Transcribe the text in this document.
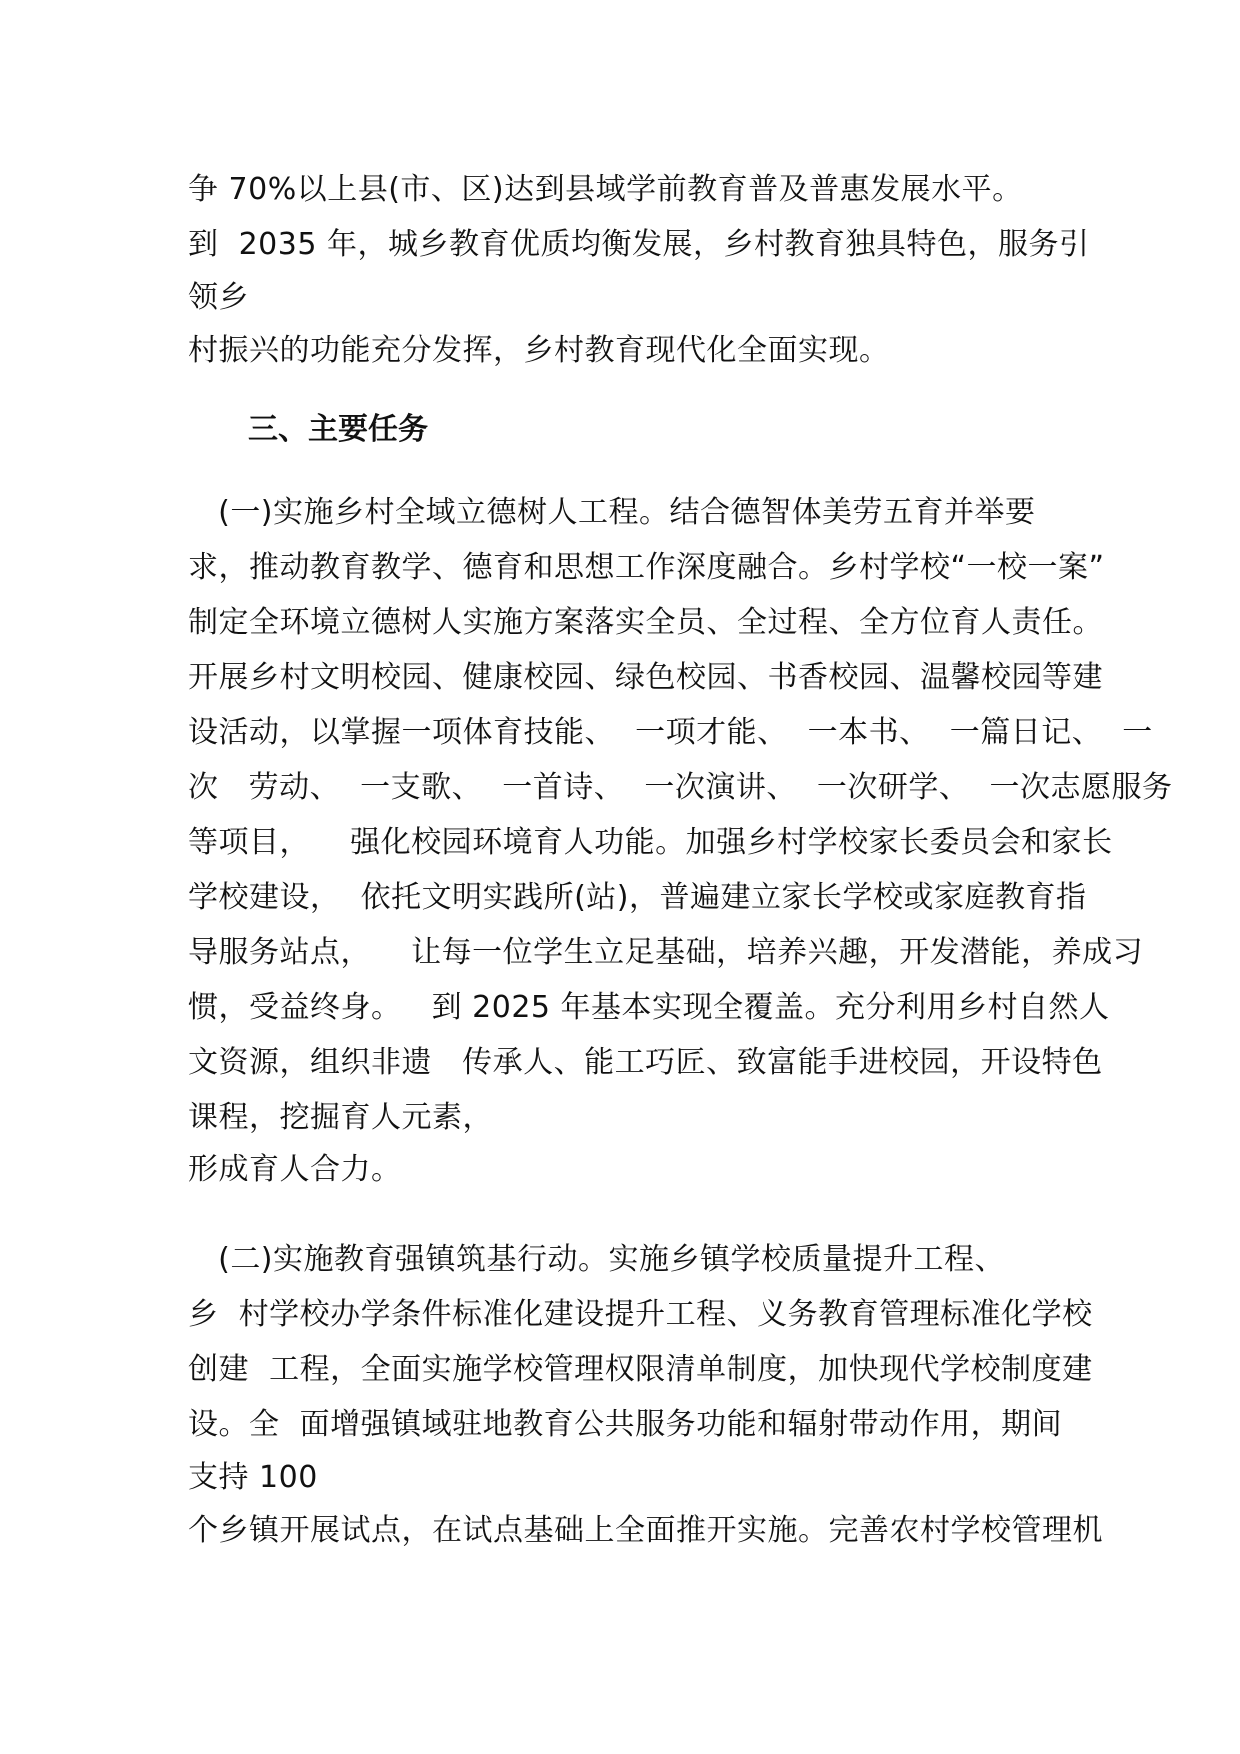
争 70%以上县(市、区)达到县域学前教育普及普惠发展水平。
到  2035 年，城乡教育优质均衡发展，乡村教育独具特色，服务引
领乡
村振兴的功能充分发挥，乡村教育现代化全面实现。
三、主要任务
(一)实施乡村全域立德树人工程。结合德智体美劳五育并举要
求，推动教育教学、德育和思想工作深度融合。乡村学校“一校一案”
制定全环境立德树人实施方案落实全员、全过程、全方位育人责任。
开展乡村文明校园、健康校园、绿色校园、书香校园、温馨校园等建
设活动，以掌握一项体育技能、  一项才能、  一本书、  一篇日记、  一
次   劳动、  一支歌、  一首诗、  一次演讲、  一次研学、  一次志愿服务
等项目，    强化校园环境育人功能。加强乡村学校家长委员会和家长
学校建设，  依托文明实践所(站)，普遍建立家长学校或家庭教育指
导服务站点，    让每一位学生立足基础，培养兴趣，开发潜能，养成习
惯，受益终身。   到 2025 年基本实现全覆盖。充分利用乡村自然人
文资源，组织非遗   传承人、能工巧匠、致富能手进校园，开设特色
课程，挖掘育人元素，
形成育人合力。
(二)实施教育强镇筑基行动。实施乡镇学校质量提升工程、
乡  村学校办学条件标准化建设提升工程、义务教育管理标准化学校
创建  工程，全面实施学校管理权限清单制度，加快现代学校制度建
设。全  面增强镇域驻地教育公共服务功能和辐射带动作用，期间
支持 100
个乡镇开展试点，在试点基础上全面推开实施。完善农村学校管理机
